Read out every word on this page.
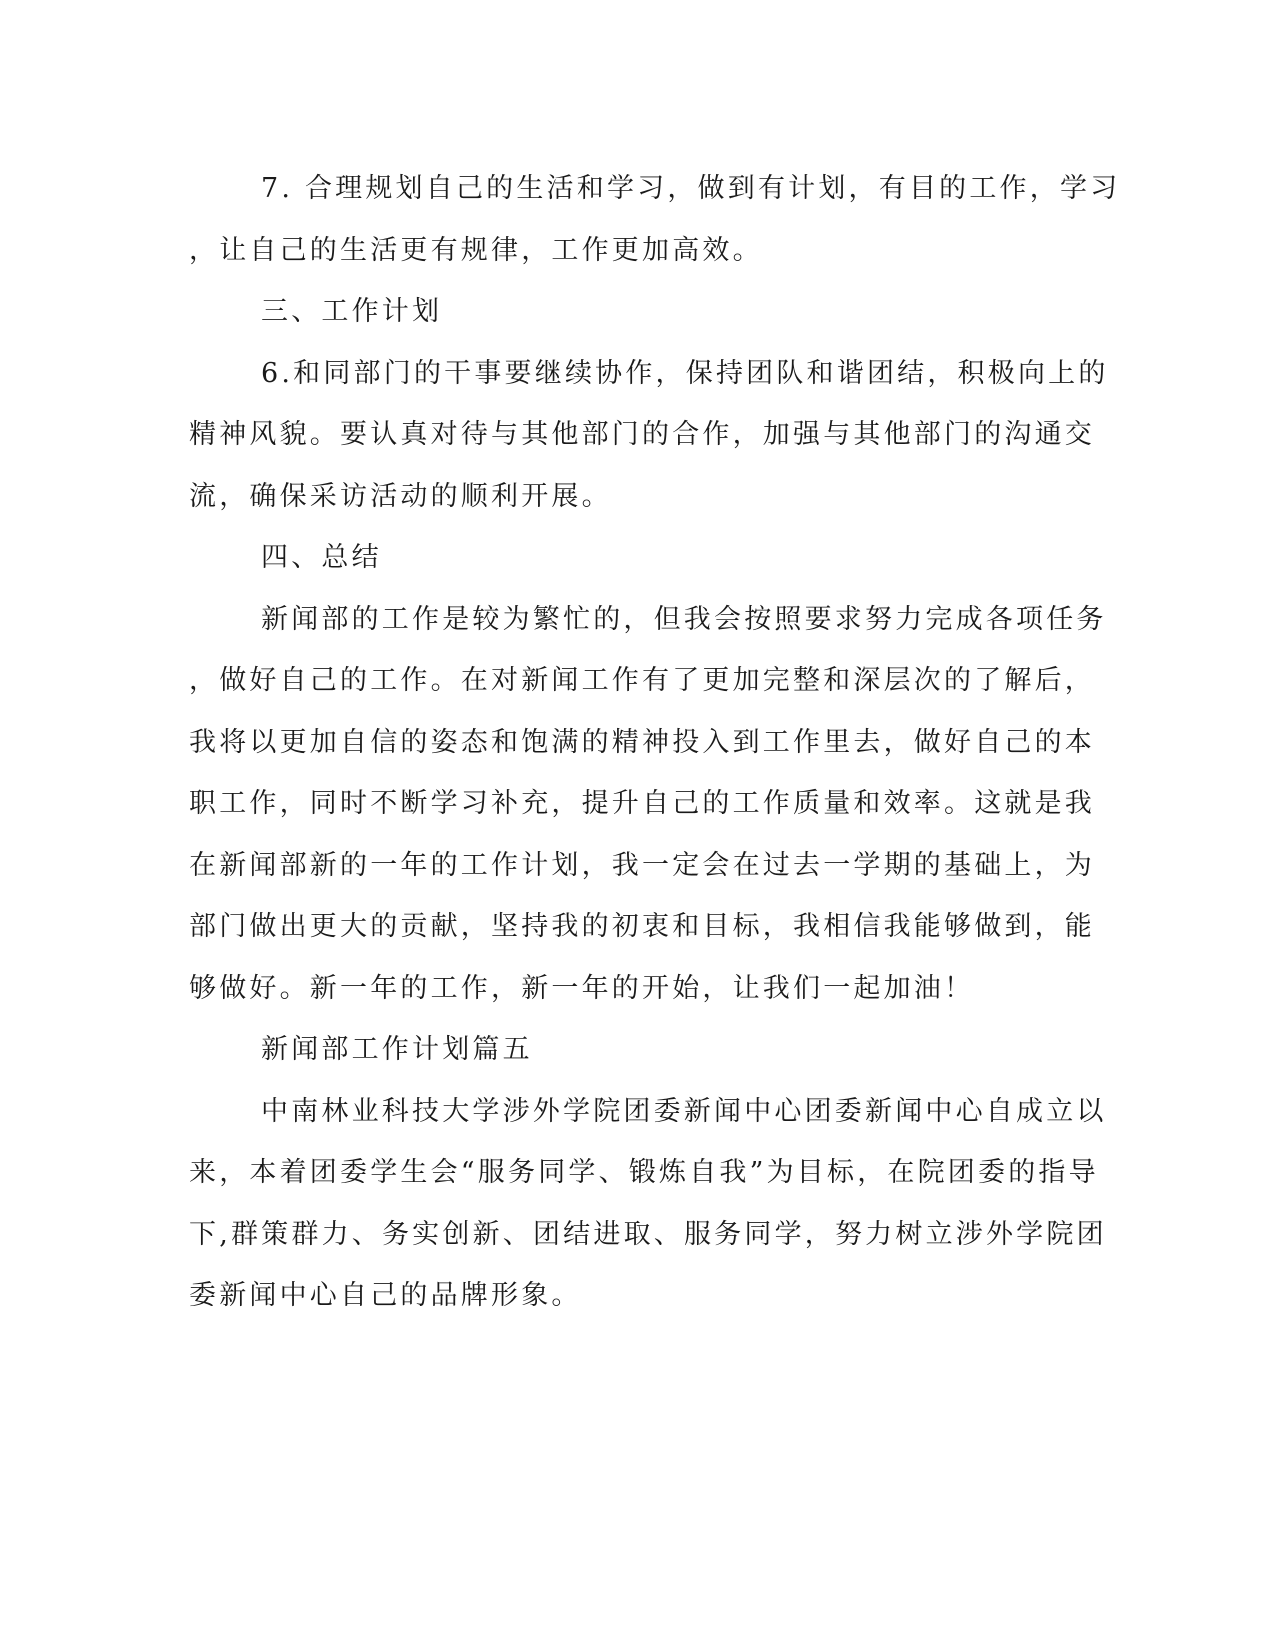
7. 合理规划自己的生活和学习，做到有计划，有目的工作，学习
，让自己的生活更有规律，工作更加高效。
三、工作计划
6.和同部门的干事要继续协作，保持团队和谐团结，积极向上的
精神风貌。要认真对待与其他部门的合作，加强与其他部门的沟通交
流，确保采访活动的顺利开展。
四、总结
新闻部的工作是较为繁忙的，但我会按照要求努力完成各项任务
，做好自己的工作。在对新闻工作有了更加完整和深层次的了解后，
我将以更加自信的姿态和饱满的精神投入到工作里去，做好自己的本
职工作，同时不断学习补充，提升自己的工作质量和效率。这就是我
在新闻部新的一年的工作计划，我一定会在过去一学期的基础上，为
部门做出更大的贡献，坚持我的初衷和目标，我相信我能够做到，能
够做好。新一年的工作，新一年的开始，让我们一起加油！
新闻部工作计划篇五
中南林业科技大学涉外学院团委新闻中心团委新闻中心自成立以
来，本着团委学生会“服务同学、锻炼自我”为目标，在院团委的指导
下,群策群力、务实创新、团结进取、服务同学，努力树立涉外学院团
委新闻中心自己的品牌形象。
